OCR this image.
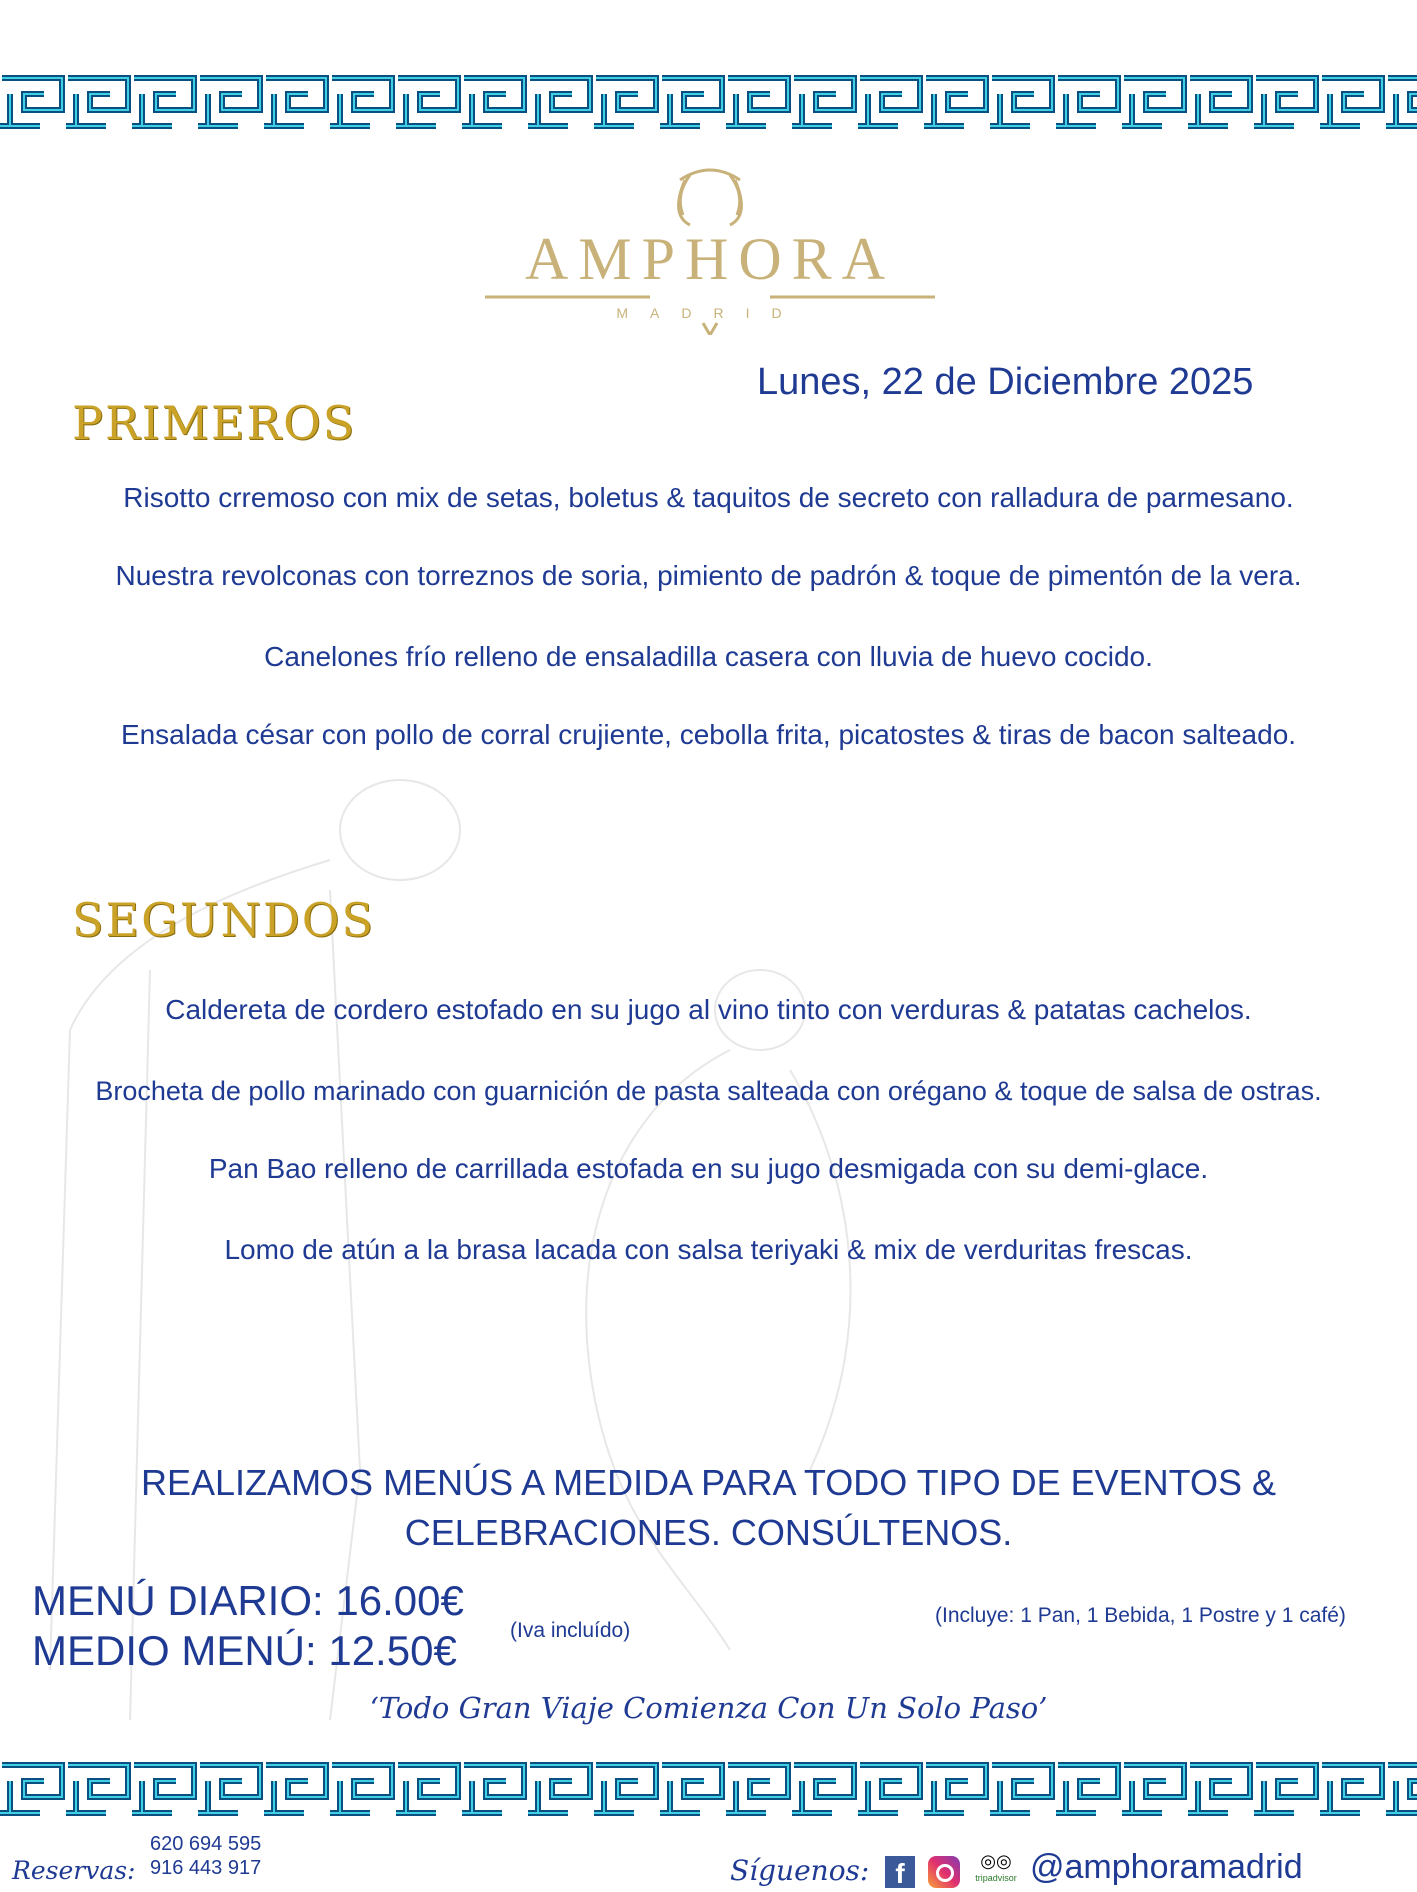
AMPHORA
MADRID
Lunes, 22 de Diciembre 2025
PRIMEROS
Risotto crremoso con mix de setas, boletus & taquitos de secreto con ralladura de parmesano.
Nuestra revolconas con torreznos de soria, pimiento de padrón & toque de pimentón de la vera.
Canelones frío relleno de ensaladilla casera con lluvia de huevo cocido.
Ensalada césar con pollo de corral crujiente, cebolla frita, picatostes & tiras de bacon salteado.
SEGUNDOS
Caldereta de cordero estofado en su jugo al vino tinto con verduras & patatas cachelos.
Brocheta de pollo marinado con guarnición de pasta salteada con orégano & toque de salsa de ostras.
Pan Bao relleno de carrillada estofada en su jugo desmigada con su demi-glace.
Lomo de atún a la brasa lacada con salsa teriyaki & mix de verduritas frescas.
REALIZAMOS MENÚS A MEDIDA PARA TODO TIPO DE EVENTOS &
CELEBRACIONES. CONSÚLTENOS.
MENÚ DIARIO: 16.00€
MEDIO MENÚ: 12.50€	(Iva incluído)
(Incluye: 1 Pan, 1 Bebida, 1 Postre y 1 café)
‘Todo Gran Viaje Comienza Con Un Solo Paso’
Reservas:
620 694 595
916 443 917	Síguenos: f	◎◎
tripadvisor @amphoramadrid
